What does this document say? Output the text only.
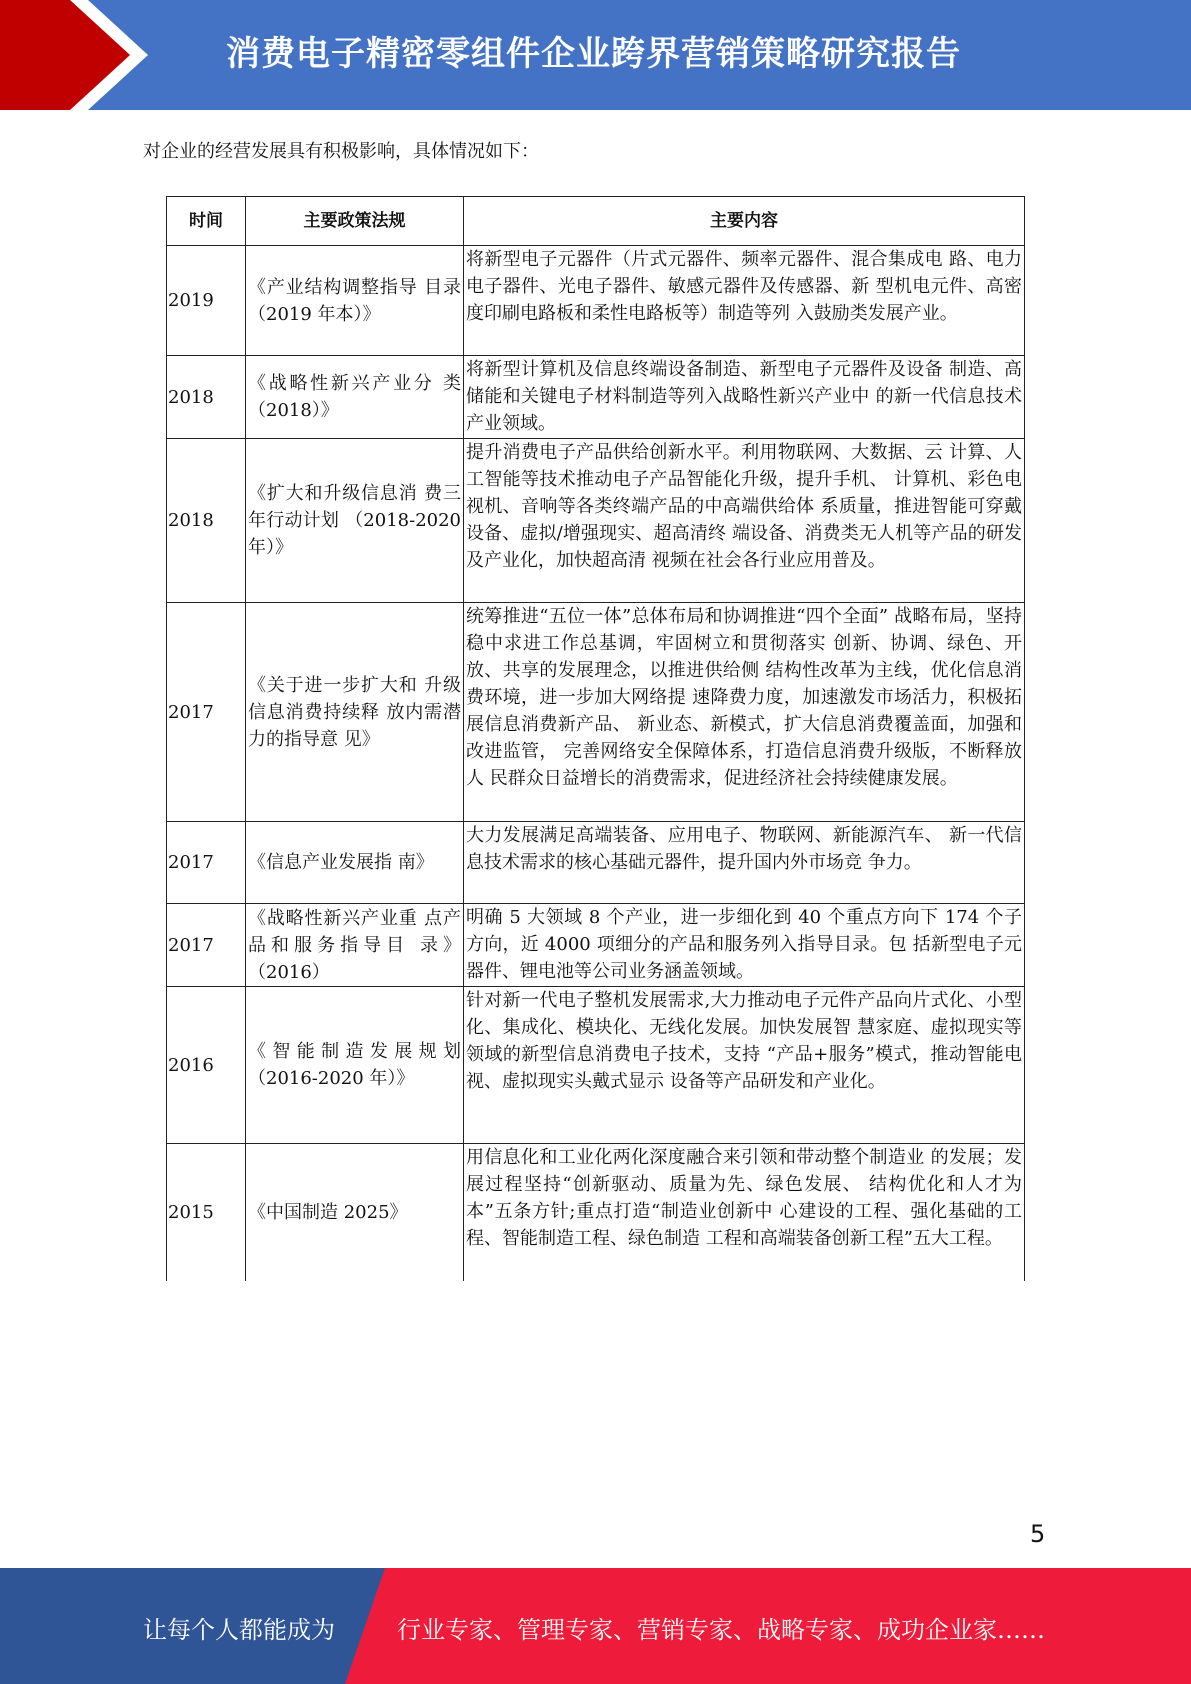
消费电子精密零组件企业跨界营销策略研究报告
对企业的经营发展具有积极影响，具体情况如下：
时间	主要政策法规	主要内容
2019	《产业结构调整指导 目录（2019 年本）》	将新型电子元器件（片式元器件、频率元器件、混合集成电 路、电力电子器件、光电子器件、敏感元器件及传感器、新 型机电元件、高密度印刷电路板和柔性电路板等）制造等列 入鼓励类发展产业。
2018	《战略性新兴产业分 类（2018）》	将新型计算机及信息终端设备制造、新型电子元器件及设备 制造、高储能和关键电子材料制造等列入战略性新兴产业中 的新一代信息技术产业领域。
2018	《扩大和升级信息消 费三年行动计划 （2018-2020 年）》	提升消费电子产品供给创新水平。利用物联网、大数据、云 计算、人工智能等技术推动电子产品智能化升级，提升手机、 计算机、彩色电视机、音响等各类终端产品的中高端供给体 系质量，推进智能可穿戴设备、虚拟/增强现实、超高清终 端设备、消费类无人机等产品的研发及产业化，加快超高清 视频在社会各行业应用普及。
2017	《关于进一步扩大和 升级信息消费持续释 放内需潜力的指导意 见》	统筹推进“五位一体”总体布局和协调推进“四个全面” 战略布局，坚持稳中求进工作总基调，牢固树立和贯彻落实 创新、协调、绿色、开放、共享的发展理念，以推进供给侧 结构性改革为主线，优化信息消费环境，进一步加大网络提 速降费力度，加速激发市场活力，积极拓展信息消费新产品、 新业态、新模式，扩大信息消费覆盖面，加强和改进监管， 完善网络安全保障体系，打造信息消费升级版，不断释放人 民群众日益增长的消费需求，促进经济社会持续健康发展。
2017	《信息产业发展指 南》	大力发展满足高端装备、应用电子、物联网、新能源汽车、 新一代信息技术需求的核心基础元器件，提升国内外市场竞 争力。
2017	《战略性新兴产业重 点产品和服务指导目 录》（2016）	明确 5 大领域 8 个产业，进一步细化到 40 个重点方向下 174 个子方向，近 4000 项细分的产品和服务列入指导目录。包 括新型电子元器件、锂电池等公司业务涵盖领域。
2016	《智能制造发展规划 （2016-2020 年）》	针对新一代电子整机发展需求,大力推动电子元件产品向片式化、小型化、集成化、模块化、无线化发展。加快发展智 慧家庭、虚拟现实等领域的新型信息消费电子技术，支持 “产品+服务”模式，推动智能电视、虚拟现实头戴式显示 设备等产品研发和产业化。
2015	《中国制造 2025》	用信息化和工业化两化深度融合来引领和带动整个制造业 的发展；发展过程坚持“创新驱动、质量为先、绿色发展、 结构优化和人才为本”五条方针;重点打造“制造业创新中 心建设的工程、强化基础的工程、智能制造工程、绿色制造 工程和高端装备创新工程”五大工程。
5
让每个人都能成为	行业专家、管理专家、营销专家、战略专家、成功企业家……
